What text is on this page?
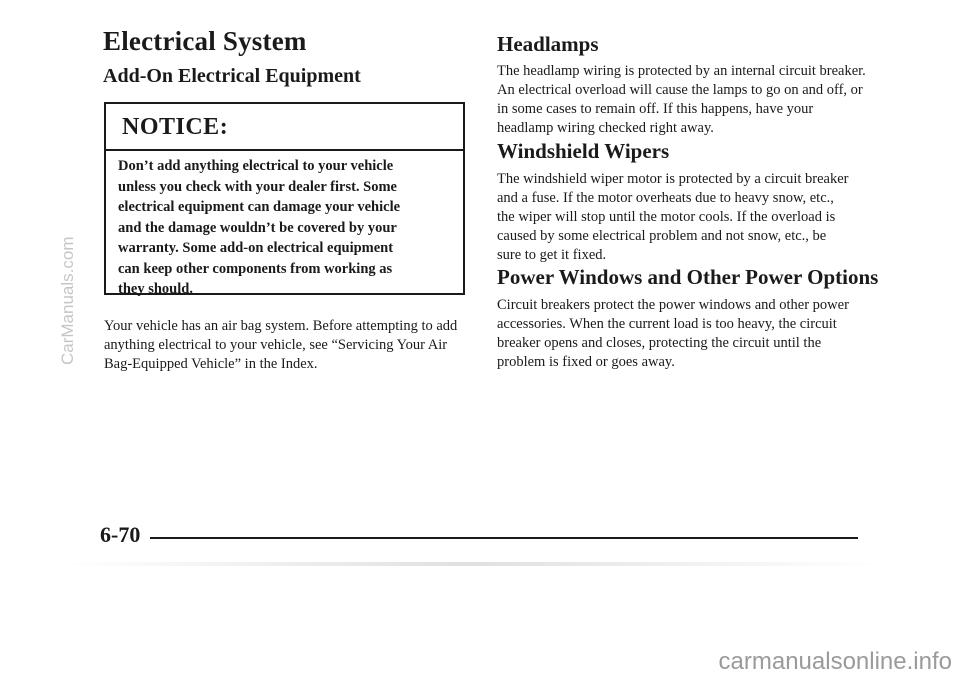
Electrical System
Add-On Electrical Equipment
NOTICE:

Don’t add anything electrical to your vehicle unless you check with your dealer first. Some electrical equipment can damage your vehicle and the damage wouldn’t be covered by your warranty. Some add-on electrical equipment can keep other components from working as they should.

Your vehicle has an air bag system. Before attempting to add anything electrical to your vehicle, see “Servicing Your Air Bag-Equipped Vehicle” in the Index.

Headlamps

The headlamp wiring is protected by an internal circuit breaker. An electrical overload will cause the lamps to go on and off, or in some cases to remain off. If this happens, have your headlamp wiring checked right away.

Windshield Wipers

The windshield wiper motor is protected by a circuit breaker and a fuse. If the motor overheats due to heavy snow, etc., the wiper will stop until the motor cools. If the overload is caused by some electrical problem and not snow, etc., be sure to get it fixed.

Power Windows and Other Power Options

Circuit breakers protect the power windows and other power accessories. When the current load is too heavy, the circuit breaker opens and closes, protecting the circuit until the problem is fixed or goes away.

6-70
CarManuals.com
carmanualsonline.info
